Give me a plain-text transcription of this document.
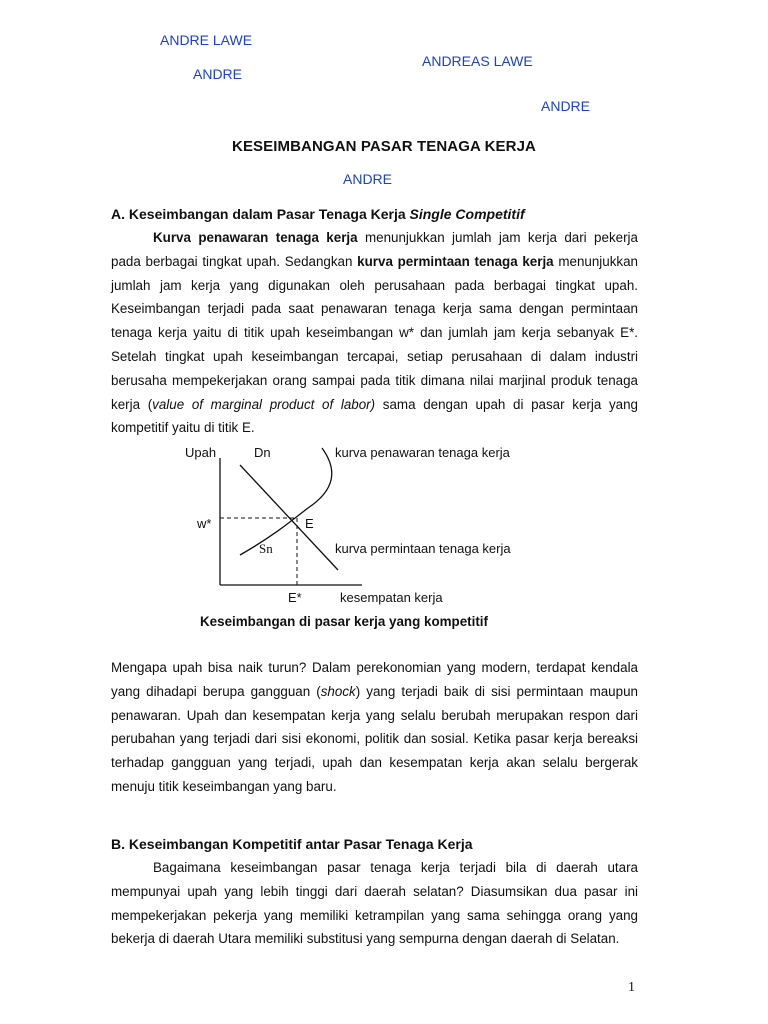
ANDRE LAWE
ANDREAS LAWE
ANDRE
ANDRE
ANDRE
KESEIMBANGAN PASAR TENAGA KERJA
A. Keseimbangan dalam Pasar Tenaga Kerja Single Competitif

Kurva penawaran tenaga kerja menunjukkan jumlah jam kerja dari pekerja pada berbagai tingkat upah. Sedangkan kurva permintaan tenaga kerja menunjukkan jumlah jam kerja yang digunakan oleh perusahaan pada berbagai tingkat upah. Keseimbangan terjadi pada saat penawaran tenaga kerja sama dengan permintaan tenaga kerja yaitu di titik upah keseimbangan w* dan jumlah jam kerja sebanyak E*. Setelah tingkat upah keseimbangan tercapai, setiap perusahaan di dalam industri berusaha mempekerjakan orang sampai pada titik dimana nilai marjinal produk tenaga kerja (value of marginal product of labor) sama dengan upah di pasar kerja yang kompetitif yaitu di titik E.

Upah	Dn	kurva penawaran tenaga kerja
w*	E
Sn	kurva permintaan tenaga kerja
E*	kesempatan kerja
Keseimbangan di pasar kerja yang kompetitif

Mengapa upah bisa naik turun? Dalam perekonomian yang modern, terdapat kendala yang dihadapi berupa gangguan (shock) yang terjadi baik di sisi permintaan maupun penawaran. Upah dan kesempatan kerja yang selalu berubah merupakan respon dari perubahan yang terjadi dari sisi ekonomi, politik dan sosial. Ketika pasar kerja bereaksi terhadap gangguan yang terjadi, upah dan kesempatan kerja akan selalu bergerak menuju titik keseimbangan yang baru.

B. Keseimbangan Kompetitif antar Pasar Tenaga Kerja

Bagaimana keseimbangan pasar tenaga kerja terjadi bila di daerah utara mempunyai upah yang lebih tinggi dari daerah selatan? Diasumsikan dua pasar ini mempekerjakan pekerja yang memiliki ketrampilan yang sama sehingga orang yang bekerja di daerah Utara memiliki substitusi yang sempurna dengan daerah di Selatan.

1
